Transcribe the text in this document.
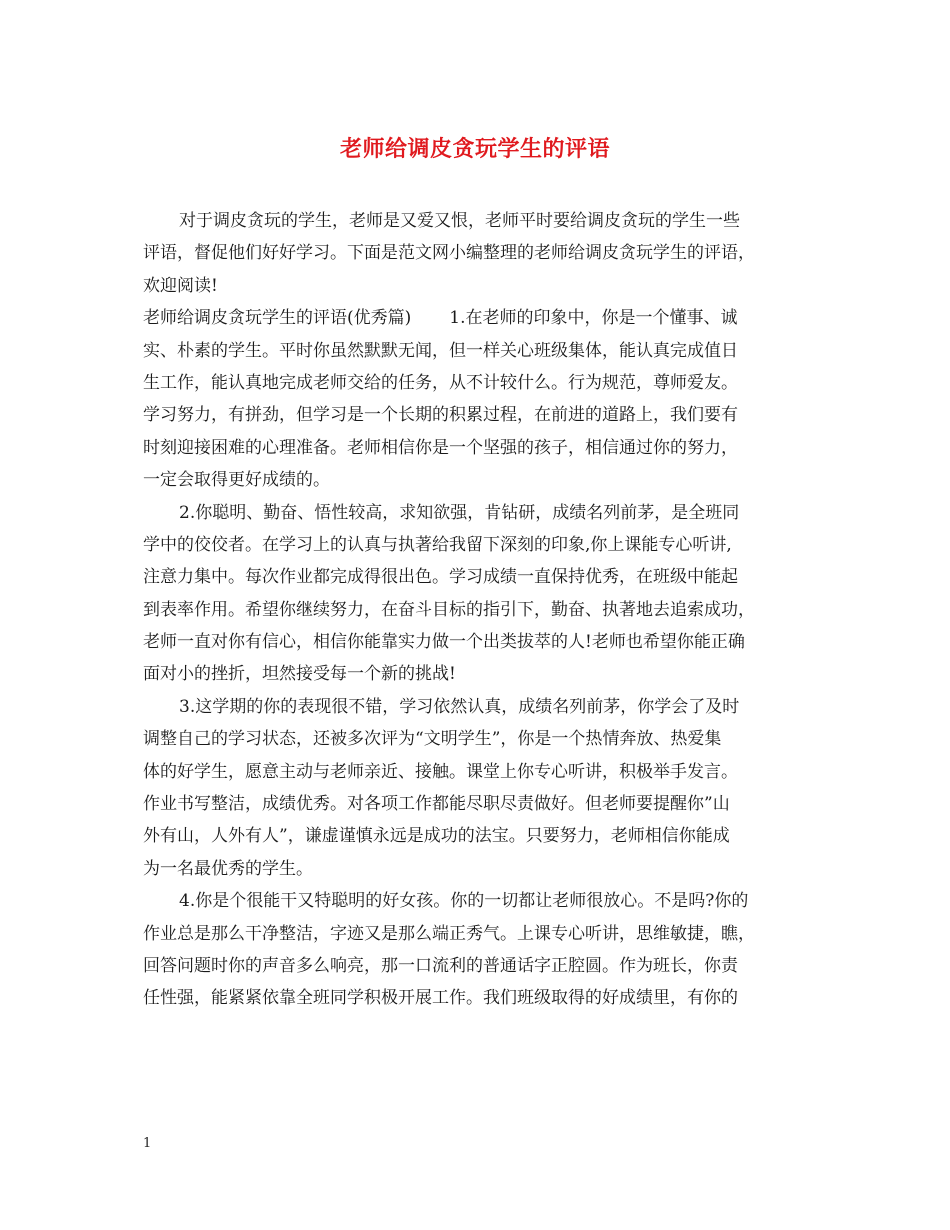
老师给调皮贪玩学生的评语
对于调皮贪玩的学生，老师是又爱又恨，老师平时要给调皮贪玩的学生一些
评语，督促他们好好学习。下面是范文网小编整理的老师给调皮贪玩学生的评语，
欢迎阅读!
老师给调皮贪玩学生的评语(优秀篇) 1.在老师的印象中，你是一个懂事、诚
实、朴素的学生。平时你虽然默默无闻，但一样关心班级集体，能认真完成值日
生工作，能认真地完成老师交给的任务，从不计较什么。行为规范，尊师爱友。
学习努力，有拼劲，但学习是一个长期的积累过程，在前进的道路上，我们要有
时刻迎接困难的心理准备。老师相信你是一个坚强的孩子，相信通过你的努力，
一定会取得更好成绩的。
2.你聪明、勤奋、悟性较高，求知欲强，肯钻研，成绩名列前茅，是全班同
学中的佼佼者。在学习上的认真与执著给我留下深刻的印象,你上课能专心听讲,
注意力集中。每次作业都完成得很出色。学习成绩一直保持优秀，在班级中能起
到表率作用。希望你继续努力，在奋斗目标的指引下，勤奋、执著地去追索成功，
老师一直对你有信心，相信你能靠实力做一个出类拔萃的人!老师也希望你能正确
面对小的挫折，坦然接受每一个新的挑战!
3.这学期的你的表现很不错，学习依然认真，成绩名列前茅，你学会了及时
调整自己的学习状态，还被多次评为“文明学生”，你是一个热情奔放、热爱集
体的好学生，愿意主动与老师亲近、接触。课堂上你专心听讲，积极举手发言。
作业书写整洁，成绩优秀。对各项工作都能尽职尽责做好。但老师要提醒你”山
外有山，人外有人”，谦虚谨慎永远是成功的法宝。只要努力，老师相信你能成
为一名最优秀的学生。
4.你是个很能干又特聪明的好女孩。你的一切都让老师很放心。不是吗?你的
作业总是那么干净整洁，字迹又是那么端正秀气。上课专心听讲，思维敏捷，瞧，
回答问题时你的声音多么响亮，那一口流利的普通话字正腔圆。作为班长，你责
任性强，能紧紧依靠全班同学积极开展工作。我们班级取得的好成绩里，有你的
1
